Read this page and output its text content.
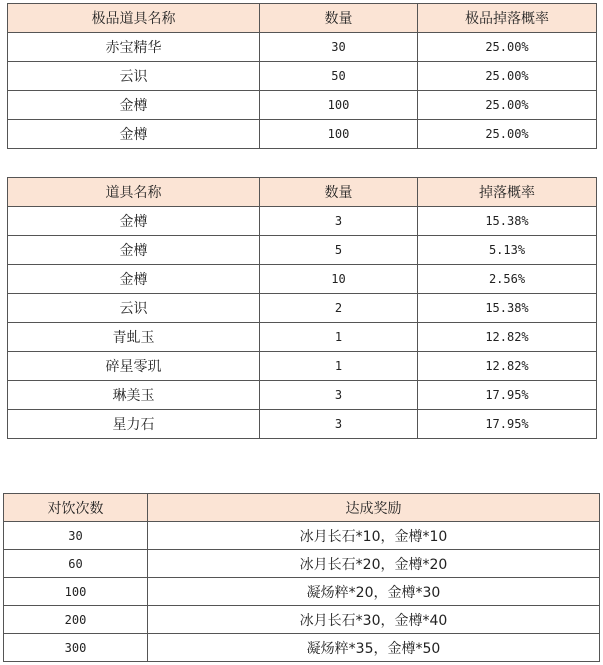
极品道具名称	数量	极品掉落概率
赤宝精华	30	25.00%
云识	50	25.00%
金樽	100	25.00%
金樽	100	25.00%
道具名称	数量	掉落概率
金樽	3	15.38%
金樽	5	5.13%
金樽	10	2.56%
云识	2	15.38%
青虬玉	1	12.82%
碎星零玑	1	12.82%
琳美玉	3	17.95%
星力石	3	17.95%
对饮次数	达成奖励
30	冰月长石*10，金樽*10
60	冰月长石*20，金樽*20
100	凝炀粹*20，金樽*30
200	冰月长石*30，金樽*40
300	凝炀粹*35，金樽*50
